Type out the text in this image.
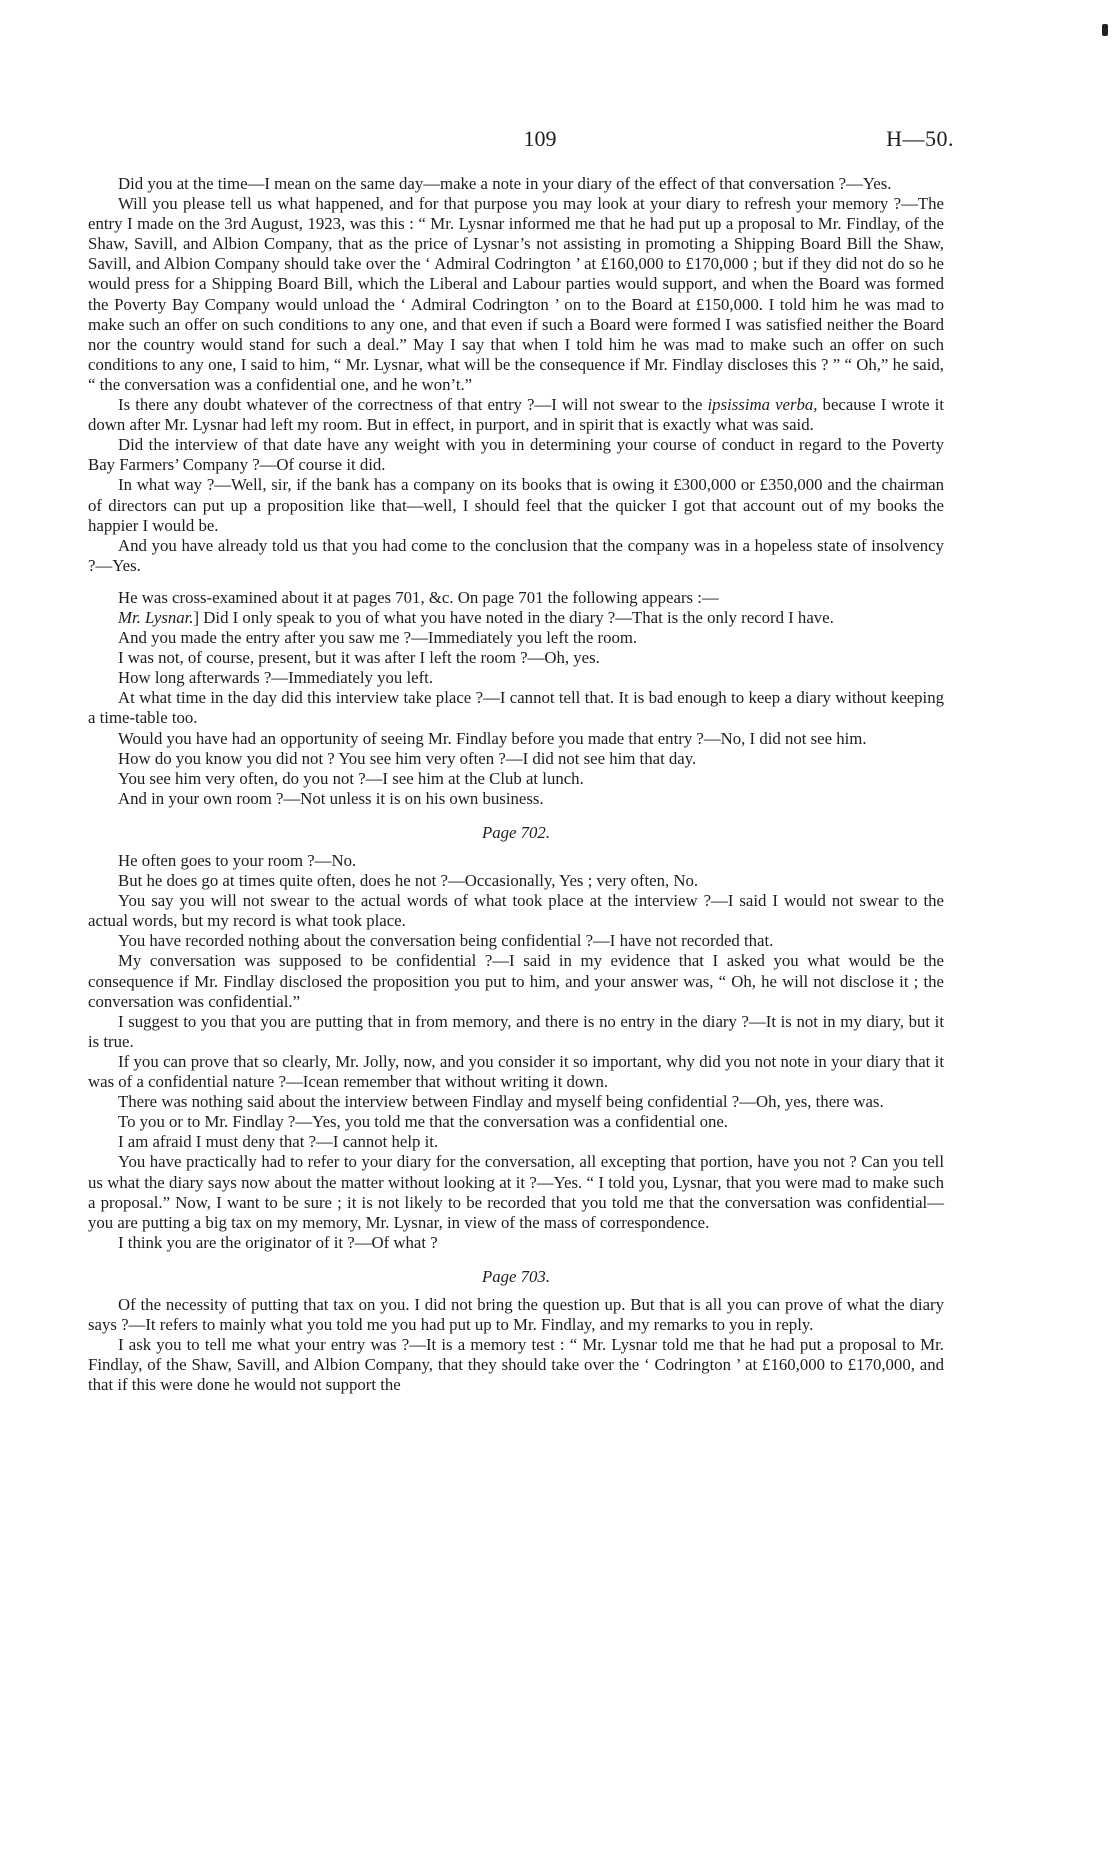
109	H—50.

Did you at the time—I mean on the same day—make a note in your diary of the effect of that conversation ?—Yes.

Will you please tell us what happened, and for that purpose you may look at your diary to refresh your memory ?—The entry I made on the 3rd August, 1923, was this : “ Mr. Lysnar informed me that he had put up a proposal to Mr. Findlay, of the Shaw, Savill, and Albion Company, that as the price of Lysnar’s not assisting in promoting a Shipping Board Bill the Shaw, Savill, and Albion Company should take over the ‘ Admiral Codrington ’ at £160,000 to £170,000 ; but if they did not do so he would press for a Shipping Board Bill, which the Liberal and Labour parties would support, and when the Board was formed the Poverty Bay Company would unload the ‘ Admiral Codrington ’ on to the Board at £150,000. I told him he was mad to make such an offer on such conditions to any one, and that even if such a Board were formed I was satisfied neither the Board nor the country would stand for such a deal.” May I say that when I told him he was mad to make such an offer on such conditions to any one, I said to him, “ Mr. Lysnar, what will be the consequence if Mr. Findlay discloses this ? ” “ Oh,” he said, “ the conversation was a confidential one, and he won’t.”

Is there any doubt whatever of the correctness of that entry ?—I will not swear to the ipsissima verba, because I wrote it down after Mr. Lysnar had left my room. But in effect, in purport, and in spirit that is exactly what was said.

Did the interview of that date have any weight with you in determining your course of conduct in regard to the Poverty Bay Farmers’ Company ?—Of course it did.

In what way ?—Well, sir, if the bank has a company on its books that is owing it £300,000 or £350,000 and the chairman of directors can put up a proposition like that—well, I should feel that the quicker I got that account out of my books the happier I would be.

And you have already told us that you had come to the conclusion that the company was in a hopeless state of insolvency ?—Yes.

He was cross-examined about it at pages 701, &c. On page 701 the following appears :—

Mr. Lysnar.] Did I only speak to you of what you have noted in the diary ?—That is the only record I have.

And you made the entry after you saw me ?—Immediately you left the room.

I was not, of course, present, but it was after I left the room ?—Oh, yes.

How long afterwards ?—Immediately you left.

At what time in the day did this interview take place ?—I cannot tell that. It is bad enough to keep a diary without keeping a time-table too.

Would you have had an opportunity of seeing Mr. Findlay before you made that entry ?—No, I did not see him.

How do you know you did not ? You see him very often ?—I did not see him that day.

You see him very often, do you not ?—I see him at the Club at lunch.

And in your own room ?—Not unless it is on his own business.

Page 702.

He often goes to your room ?—No.

But he does go at times quite often, does he not ?—Occasionally, Yes ; very often, No.

You say you will not swear to the actual words of what took place at the interview ?—I said I would not swear to the actual words, but my record is what took place.

You have recorded nothing about the conversation being confidential ?—I have not recorded that.

My conversation was supposed to be confidential ?—I said in my evidence that I asked you what would be the consequence if Mr. Findlay disclosed the proposition you put to him, and your answer was, “ Oh, he will not disclose it ; the conversation was confidential.”

I suggest to you that you are putting that in from memory, and there is no entry in the diary ?—It is not in my diary, but it is true.

If you can prove that so clearly, Mr. Jolly, now, and you consider it so important, why did you not note in your diary that it was of a confidential nature ?—Icean remember that without writing it down.

There was nothing said about the interview between Findlay and myself being confidential ?—Oh, yes, there was.

To you or to Mr. Findlay ?—Yes, you told me that the conversation was a confidential one.

I am afraid I must deny that ?—I cannot help it.

You have practically had to refer to your diary for the conversation, all excepting that portion, have you not ? Can you tell us what the diary says now about the matter without looking at it ?—Yes. “ I told you, Lysnar, that you were mad to make such a proposal.” Now, I want to be sure ; it is not likely to be recorded that you told me that the conversation was confidential—you are putting a big tax on my memory, Mr. Lysnar, in view of the mass of correspondence.

I think you are the originator of it ?—Of what ?

Page 703.

Of the necessity of putting that tax on you. I did not bring the question up. But that is all you can prove of what the diary says ?—It refers to mainly what you told me you had put up to Mr. Findlay, and my remarks to you in reply.

I ask you to tell me what your entry was ?—It is a memory test : “ Mr. Lysnar told me that he had put a proposal to Mr. Findlay, of the Shaw, Savill, and Albion Company, that they should take over the ‘ Codrington ’ at £160,000 to £170,000, and that if this were done he would not support the
